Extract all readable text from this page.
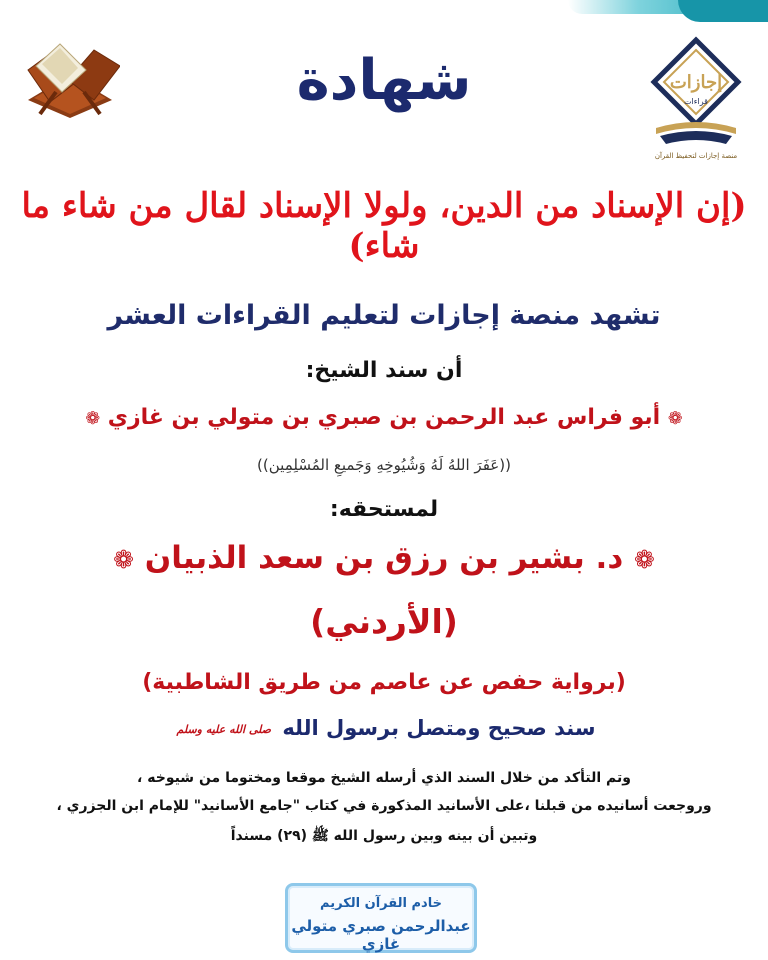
إجازات
قراءات
منصة إجازات لتحفيظ القرآن
شهادة
(إن الإسناد من الدين، ولولا الإسناد لقال من شاء ما شاء)
تشهد منصة إجازات لتعليم القراءات العشر
أن سند الشيخ:
❁ أبو فراس عبد الرحمن بن صبري بن متولي بن غازي ❁
((عَفَرَ اللهُ لَهُ وَشُيُوخِهِ وَجَميعِ المُسْلِمِين))
لمستحقه:
❁ د. بشير بن رزق بن سعد الذبيان ❁
(الأردني)
(برواية حفص عن عاصم من طريق الشاطبية)
سند صحيح ومتصل برسول الله صلى الله عليه وسلم
وتم التأكد من خلال السند الذي أرسله الشيخ موقعا ومختوما من شيوخه ،
وروجعت أسانيده من قبلنا ،على الأسانيد المذكورة في كتاب "جامع الأسانيد" للإمام ابن الجزري ،
وتبين أن بينه وبين رسول الله ﷺ (٢٩) مسنداً
خادم القرآن الكريم
عبدالرحمن صبري متولي غازي
